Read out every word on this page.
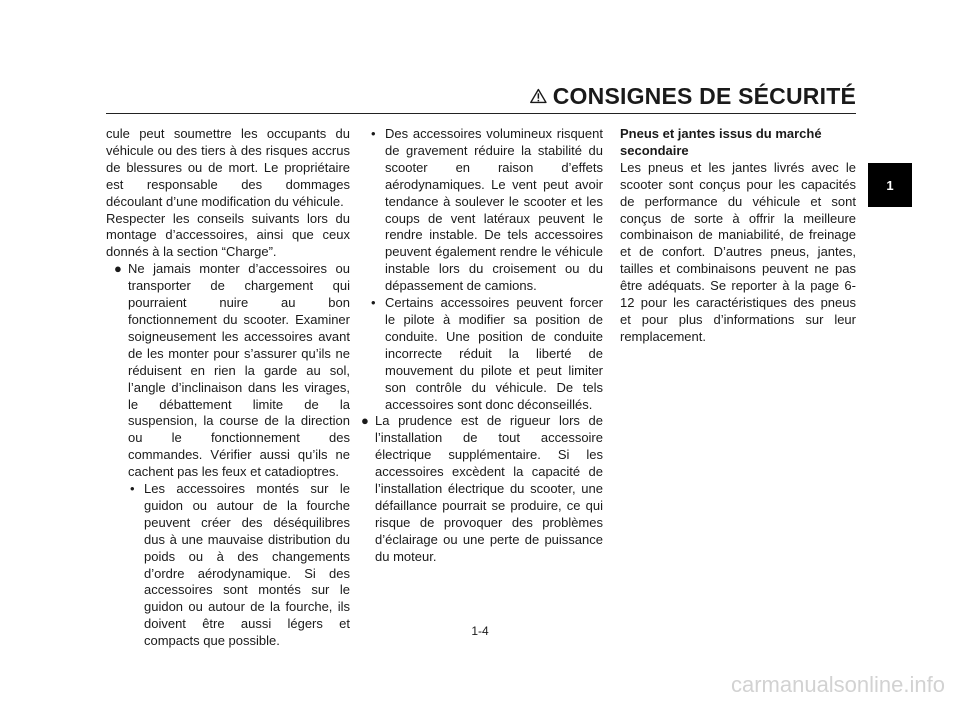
CONSIGNES DE SÉCURITÉ
1

cule peut soumettre les occupants du véhicule ou des tiers à des risques accrus de blessures ou de mort. Le propriétaire est responsable des dommages découlant d’une modification du véhicule.

Respecter les conseils suivants lors du montage d’accessoires, ainsi que ceux donnés à la section “Charge”.

● Ne jamais monter d’accessoires ou transporter de chargement qui pourraient nuire au bon fonctionnement du scooter. Examiner soigneusement les accessoires avant de les monter pour s’assurer qu’ils ne réduisent en rien la garde au sol, l’angle d’inclinaison dans les virages, le débattement limite de la suspension, la course de la direction ou le fonctionnement des commandes. Vérifier aussi qu’ils ne cachent pas les feux et catadioptres.

• Les accessoires montés sur le guidon ou autour de la fourche peuvent créer des déséquilibres dus à une mauvaise distribution du poids ou à des changements d’ordre aérodynamique. Si des accessoires sont montés sur le guidon ou autour de la fourche, ils doivent être aussi légers et compacts que possible.

• Des accessoires volumineux risquent de gravement réduire la stabilité du scooter en raison d’effets aérodynamiques. Le vent peut avoir tendance à soulever le scooter et les coups de vent latéraux peuvent le rendre instable. De tels accessoires peuvent également rendre le véhicule instable lors du croisement ou du dépassement de camions.

• Certains accessoires peuvent forcer le pilote à modifier sa position de conduite. Une position de conduite incorrecte réduit la liberté de mouvement du pilote et peut limiter son contrôle du véhicule. De tels accessoires sont donc déconseillés.

● La prudence est de rigueur lors de l’installation de tout accessoire électrique supplémentaire. Si les accessoires excèdent la capacité de l’installation électrique du scooter, une défaillance pourrait se produire, ce qui risque de provoquer des problèmes d’éclairage ou une perte de puissance du moteur.

Pneus et jantes issus du marché secondaire

Les pneus et les jantes livrés avec le scooter sont conçus pour les capacités de performance du véhicule et sont conçus de sorte à offrir la meilleure combinaison de maniabilité, de freinage et de confort. D’autres pneus, jantes, tailles et combinaisons peuvent ne pas être adéquats. Se reporter à la page 6-12 pour les caractéristiques des pneus et pour plus d’informations sur leur remplacement.

1-4
carmanualsonline.info
